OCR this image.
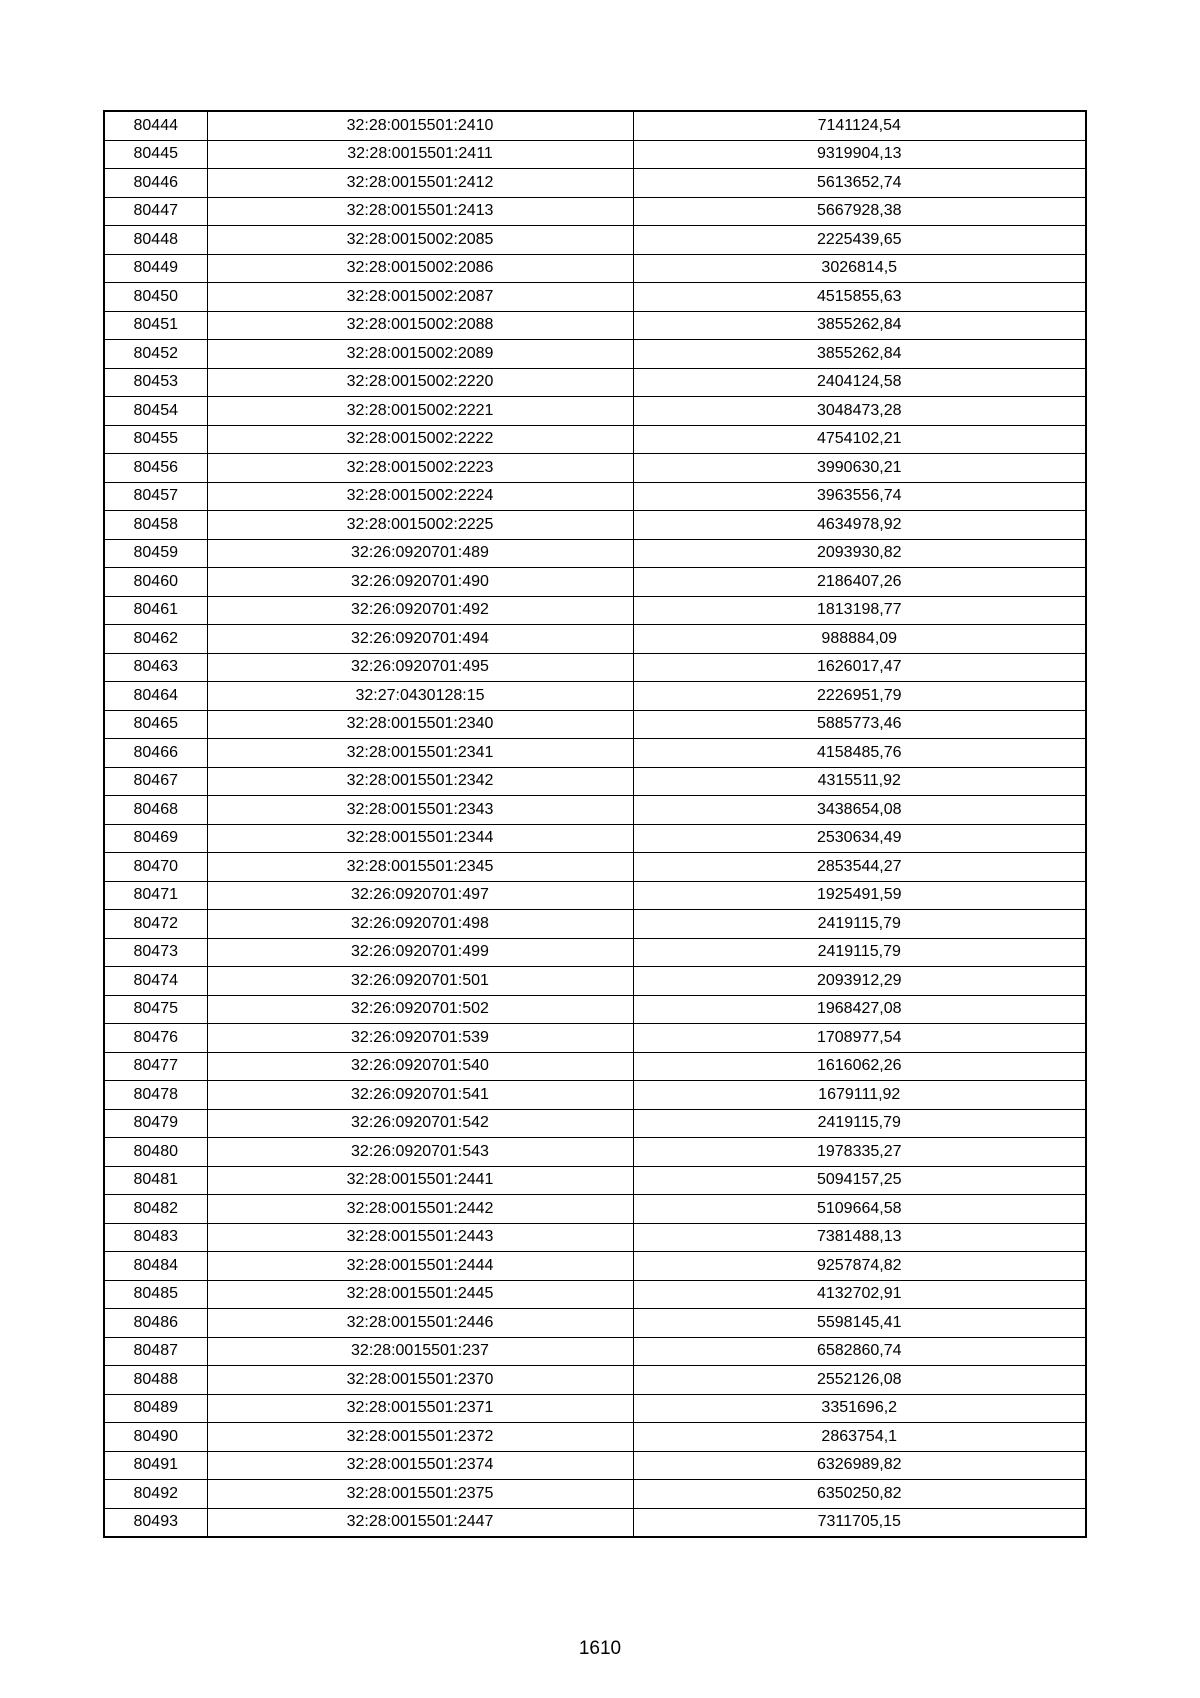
80444	32:28:0015501:2410	7141124,54
80445	32:28:0015501:2411	9319904,13
80446	32:28:0015501:2412	5613652,74
80447	32:28:0015501:2413	5667928,38
80448	32:28:0015002:2085	2225439,65
80449	32:28:0015002:2086	3026814,5
80450	32:28:0015002:2087	4515855,63
80451	32:28:0015002:2088	3855262,84
80452	32:28:0015002:2089	3855262,84
80453	32:28:0015002:2220	2404124,58
80454	32:28:0015002:2221	3048473,28
80455	32:28:0015002:2222	4754102,21
80456	32:28:0015002:2223	3990630,21
80457	32:28:0015002:2224	3963556,74
80458	32:28:0015002:2225	4634978,92
80459	32:26:0920701:489	2093930,82
80460	32:26:0920701:490	2186407,26
80461	32:26:0920701:492	1813198,77
80462	32:26:0920701:494	988884,09
80463	32:26:0920701:495	1626017,47
80464	32:27:0430128:15	2226951,79
80465	32:28:0015501:2340	5885773,46
80466	32:28:0015501:2341	4158485,76
80467	32:28:0015501:2342	4315511,92
80468	32:28:0015501:2343	3438654,08
80469	32:28:0015501:2344	2530634,49
80470	32:28:0015501:2345	2853544,27
80471	32:26:0920701:497	1925491,59
80472	32:26:0920701:498	2419115,79
80473	32:26:0920701:499	2419115,79
80474	32:26:0920701:501	2093912,29
80475	32:26:0920701:502	1968427,08
80476	32:26:0920701:539	1708977,54
80477	32:26:0920701:540	1616062,26
80478	32:26:0920701:541	1679111,92
80479	32:26:0920701:542	2419115,79
80480	32:26:0920701:543	1978335,27
80481	32:28:0015501:2441	5094157,25
80482	32:28:0015501:2442	5109664,58
80483	32:28:0015501:2443	7381488,13
80484	32:28:0015501:2444	9257874,82
80485	32:28:0015501:2445	4132702,91
80486	32:28:0015501:2446	5598145,41
80487	32:28:0015501:237	6582860,74
80488	32:28:0015501:2370	2552126,08
80489	32:28:0015501:2371	3351696,2
80490	32:28:0015501:2372	2863754,1
80491	32:28:0015501:2374	6326989,82
80492	32:28:0015501:2375	6350250,82
80493	32:28:0015501:2447	7311705,15
1610
